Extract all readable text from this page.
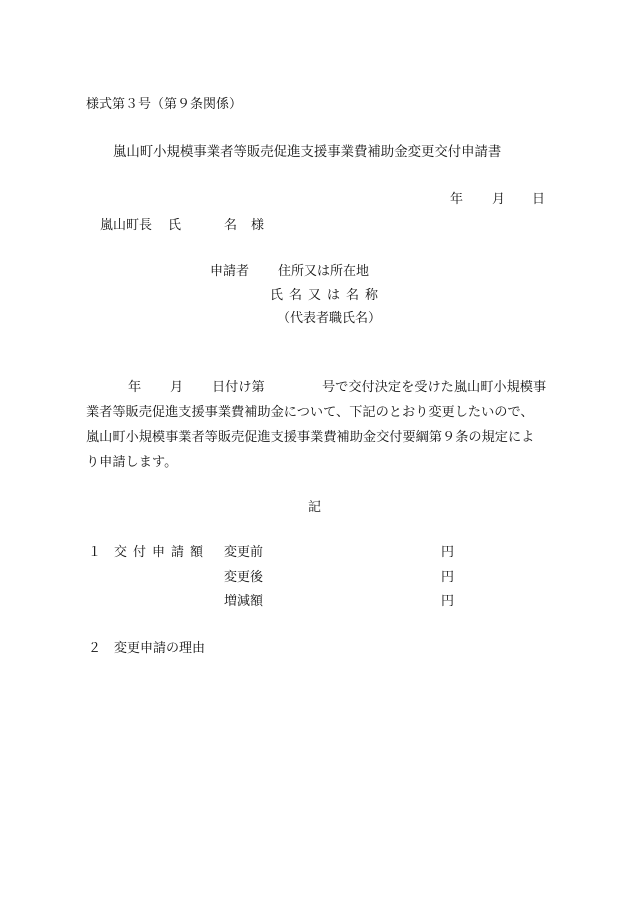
様式第３号（第９条関係）
嵐山町小規模事業者等販売促進支援事業費補助金変更交付申請書
年 月 日
嵐山町長 氏	名 様
申請者 住所又は所在地
氏名又は名称
（代表者職氏名）
年 月 日付け第	号で交付決定を受けた嵐山町小規模事
業者等販売促進支援事業費補助金について、下記のとおり変更したいので、
嵐山町小規模事業者等販売促進支援事業費補助金交付要綱第９条の規定によ
り申請します。
記
１ 交付申請額 変更前	円
変更後	円
増減額	円
２ 変更申請の理由
